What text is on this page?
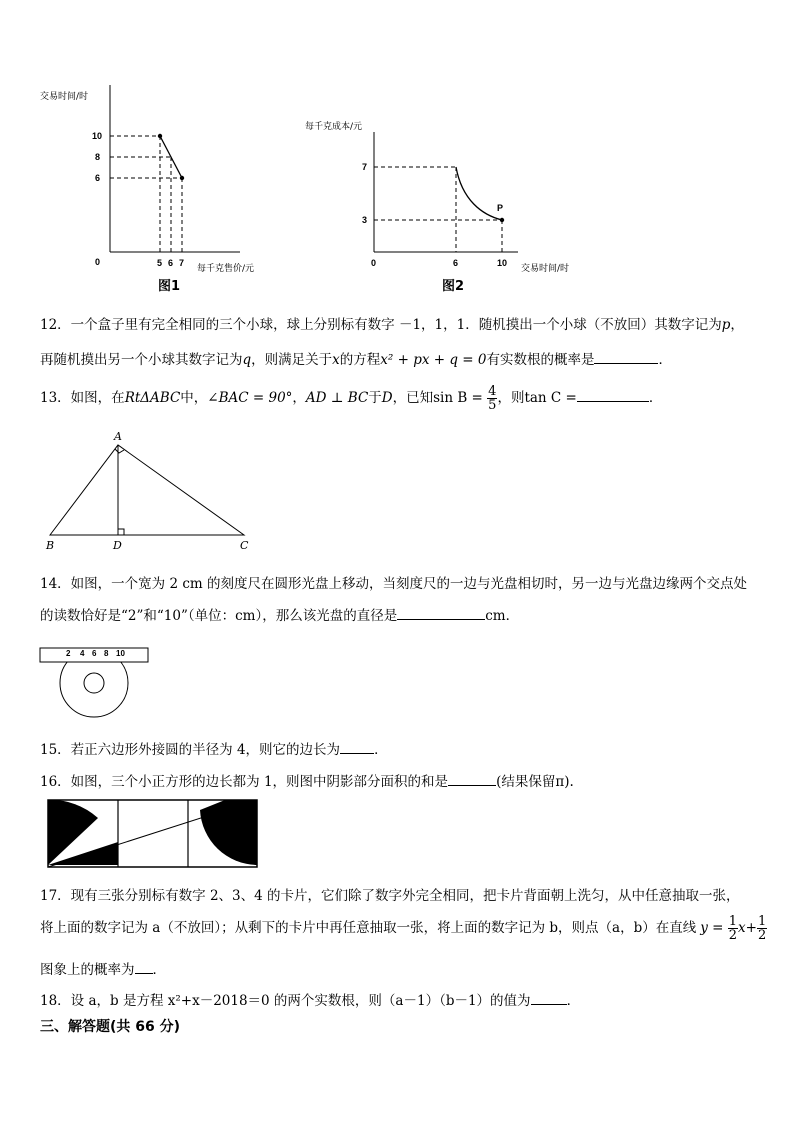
交易时间/时
10
8
6
0	5 6 7
每千克售价/元
图1
每千克成本/元
7
3
0	6	10
P
交易时间/时
图2
12．一个盒子里有完全相同的三个小球，球上分别标有数字 －1，1，1．随机摸出一个小球（不放回）其数字记为p，
再随机摸出另一个小球其数字记为q，则满足关于x的方程x² + px + q = 0有实数根的概率是	．
13．如图，在RtΔABC中，∠BAC = 90°，AD ⊥ BC于D，已知$\sin B = \frac{4}{5}$ ，则tan C =	．
A
B	D	C
14．如图，一个宽为 2 cm 的刻度尺在圆形光盘上移动，当刻度尺的一边与光盘相切时，另一边与光盘边缘两个交点处
的读数恰好是“2”和“10”（单位：cm），那么该光盘的直径是	cm．
2 4 6 8 10
15．若正六边形外接圆的半径为 4，则它的边长为	．
16．如图，三个小正方形的边长都为 1，则图中阴影部分面积的和是	(结果保留π).
17．现有三张分别标有数字 2、3、4 的卡片，它们除了数字外完全相同，把卡片背面朝上洗匀，从中任意抽取一张，
将上面的数字记为 a（不放回）；从剩下的卡片中再任意抽取一张，将上面的数字记为 b，则点（a，b）在直线 $y = \frac{1}{2} x+ \frac{1}{2}$
图象上的概率为 ．
18．设 a，b 是方程 x²+x－2018＝0 的两个实数根，则（a－1）（b－1）的值为	．
三、解答题(共 66 分)
